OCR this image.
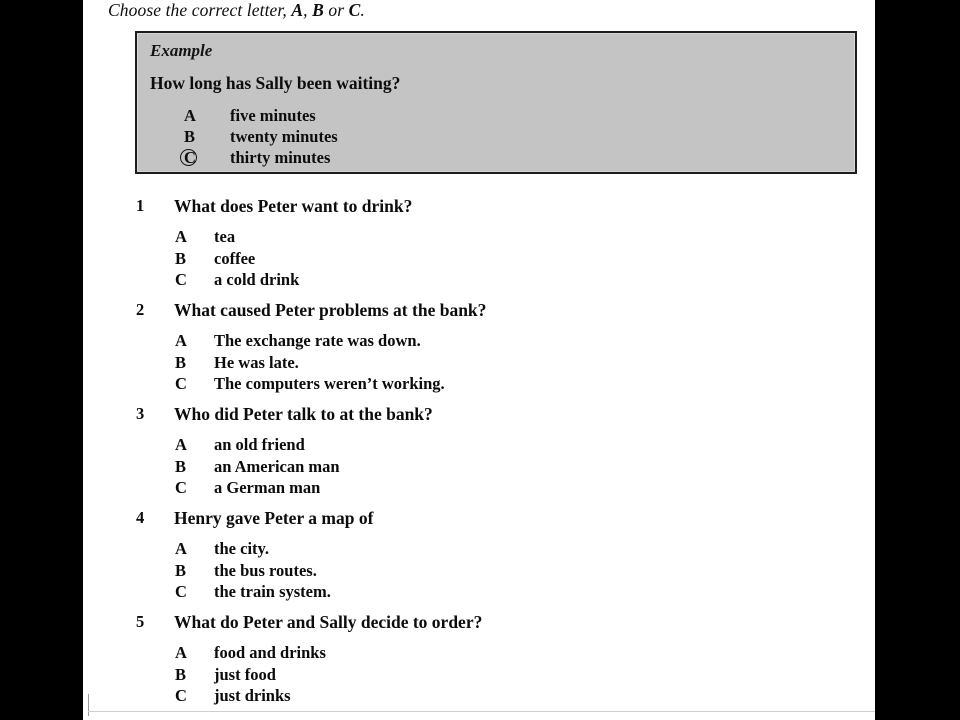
Choose the correct letter, A, B or C.
Example
How long has Sally been waiting?
A five minutes
B twenty minutes
C thirty minutes
1 What does Peter want to drink?
A tea
B coffee
C a cold drink
2 What caused Peter problems at the bank?
A The exchange rate was down.
B He was late.
C The computers weren’t working.
3 Who did Peter talk to at the bank?
A an old friend
B an American man
C a German man
4 Henry gave Peter a map of
A the city.
B the bus routes.
C the train system.
5 What do Peter and Sally decide to order?
A food and drinks
B just food
C just drinks
